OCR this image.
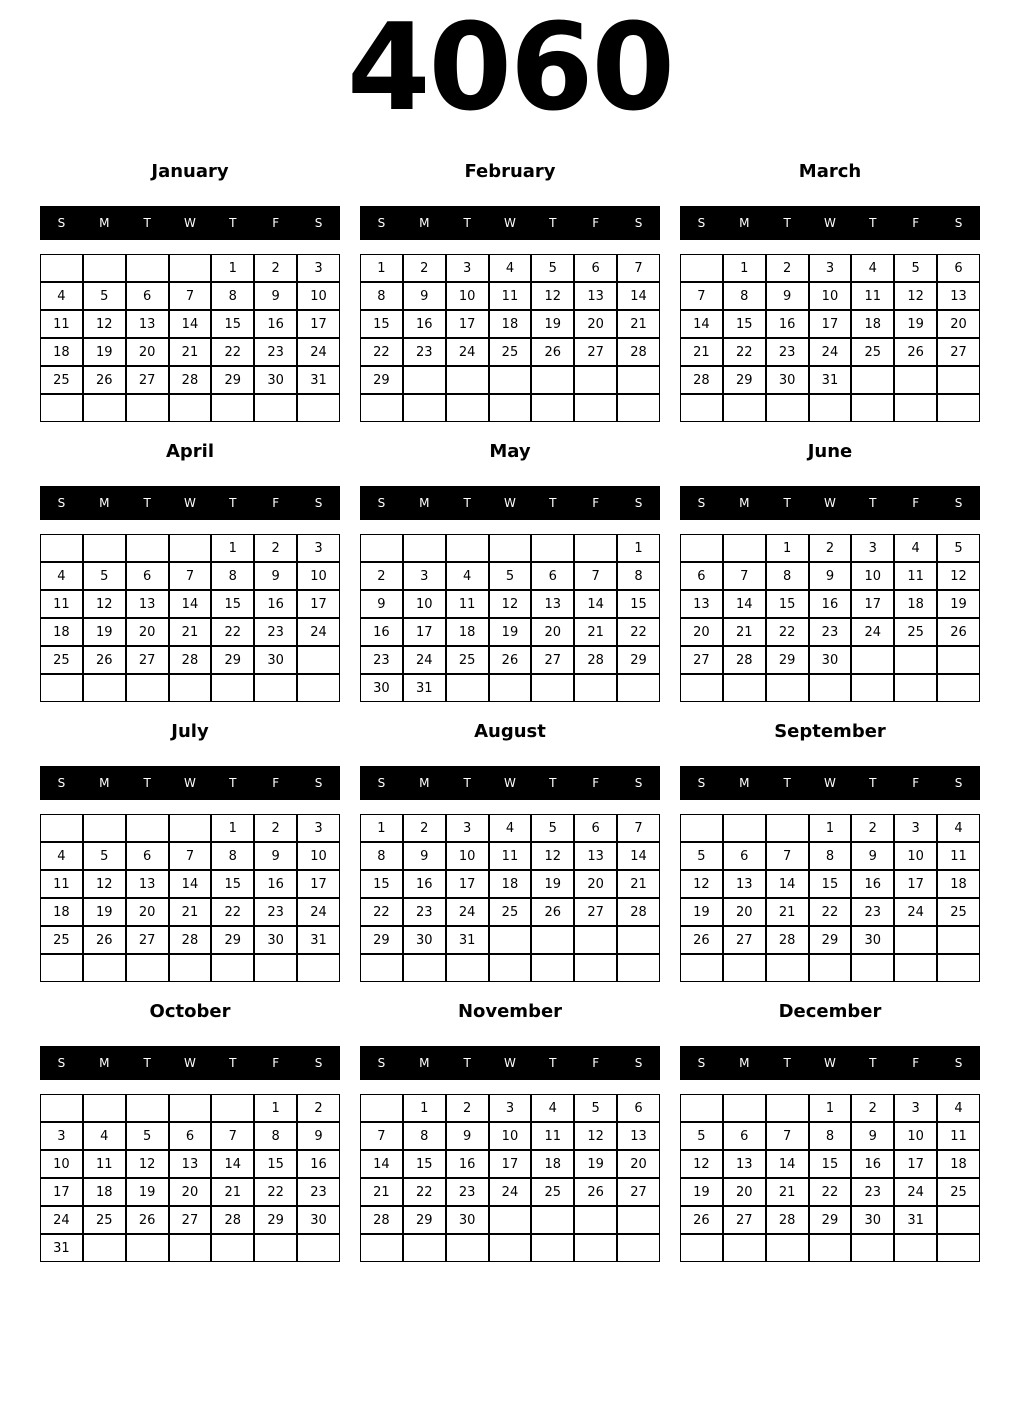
4060
January
S	M	T	W	T	F	S
				1	2	3
4	5	6	7	8	9	10
11	12	13	14	15	16	17
18	19	20	21	22	23	24
25	26	27	28	29	30	31

February
S	M	T	W	T	F	S
1	2	3	4	5	6	7
8	9	10	11	12	13	14
15	16	17	18	19	20	21
22	23	24	25	26	27	28
29						

March
S	M	T	W	T	F	S
	1	2	3	4	5	6
7	8	9	10	11	12	13
14	15	16	17	18	19	20
21	22	23	24	25	26	27
28	29	30	31			

April
S	M	T	W	T	F	S
				1	2	3
4	5	6	7	8	9	10
11	12	13	14	15	16	17
18	19	20	21	22	23	24
25	26	27	28	29	30	

May
S	M	T	W	T	F	S
						1
2	3	4	5	6	7	8
9	10	11	12	13	14	15
16	17	18	19	20	21	22
23	24	25	26	27	28	29
30	31					
June
S	M	T	W	T	F	S
		1	2	3	4	5
6	7	8	9	10	11	12
13	14	15	16	17	18	19
20	21	22	23	24	25	26
27	28	29	30			

July
S	M	T	W	T	F	S
				1	2	3
4	5	6	7	8	9	10
11	12	13	14	15	16	17
18	19	20	21	22	23	24
25	26	27	28	29	30	31

August
S	M	T	W	T	F	S
1	2	3	4	5	6	7
8	9	10	11	12	13	14
15	16	17	18	19	20	21
22	23	24	25	26	27	28
29	30	31				

September
S	M	T	W	T	F	S
			1	2	3	4
5	6	7	8	9	10	11
12	13	14	15	16	17	18
19	20	21	22	23	24	25
26	27	28	29	30		

October
S	M	T	W	T	F	S
					1	2
3	4	5	6	7	8	9
10	11	12	13	14	15	16
17	18	19	20	21	22	23
24	25	26	27	28	29	30
31						
November
S	M	T	W	T	F	S
	1	2	3	4	5	6
7	8	9	10	11	12	13
14	15	16	17	18	19	20
21	22	23	24	25	26	27
28	29	30				

December
S	M	T	W	T	F	S
			1	2	3	4
5	6	7	8	9	10	11
12	13	14	15	16	17	18
19	20	21	22	23	24	25
26	27	28	29	30	31	
